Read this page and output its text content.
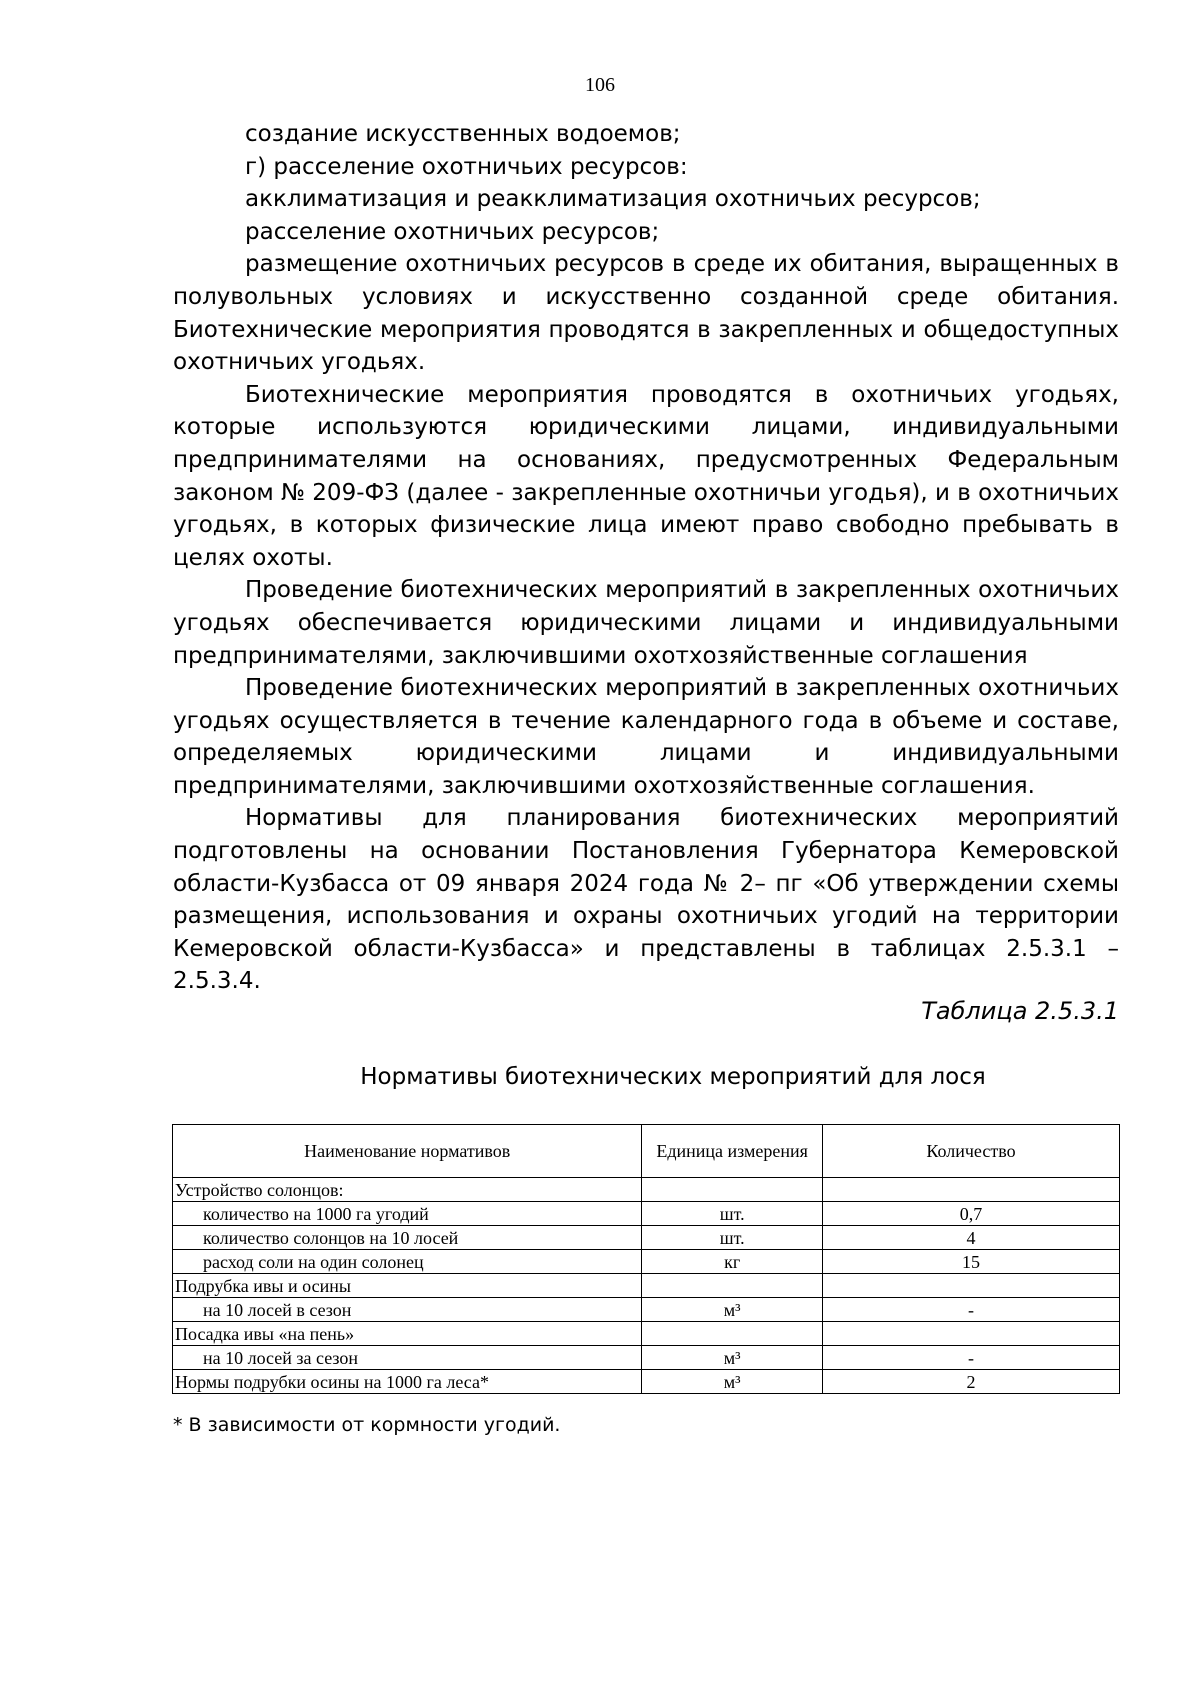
106

создание искусственных водоемов;

г) расселение охотничьих ресурсов:

акклиматизация и реакклиматизация охотничьих ресурсов;

расселение охотничьих ресурсов;

размещение охотничьих ресурсов в среде их обитания, выращенных в полувольных условиях и искусственно созданной среде обитания. Биотехнические мероприятия проводятся в закрепленных и общедоступных охотничьих угодьях.

Биотехнические мероприятия проводятся в охотничьих угодьях, которые используются юридическими лицами, индивидуальными предпринимателями на основаниях, предусмотренных Федеральным законом № 209-ФЗ (далее - закрепленные охотничьи угодья), и в охотничьих угодьях, в которых физические лица имеют право свободно пребывать в целях охоты.

Проведение биотехнических мероприятий в закрепленных охотничьих угодьях обеспечивается юридическими лицами и индивидуальными предпринимателями, заключившими охотхозяйственные соглашения

Проведение биотехнических мероприятий в закрепленных охотничьих угодьях осуществляется в течение календарного года в объеме и составе, определяемых юридическими лицами и индивидуальными предпринимателями, заключившими охотхозяйственные соглашения.

Нормативы для планирования биотехнических мероприятий подготовлены на основании Постановления Губернатора Кемеровской области-Кузбасса от 09 января 2024 года № 2– пг «Об утверждении схемы размещения, использования и охраны охотничьих угодий на территории Кемеровской области-Кузбасса» и представлены в таблицах 2.5.3.1 – 2.5.3.4.

Таблица 2.5.3.1
Нормативы биотехнических мероприятий для лося
Наименование нормативов	Единица измерения	Количество
Устройство солонцов:		
количество на 1000 га угодий	шт.	0,7
количество солонцов на 10 лосей	шт.	4
расход соли на один солонец	кг	15
Подрубка ивы и осины		
на 10 лосей в сезон	м³	-
Посадка ивы «на пень»		
на 10 лосей за сезон	м³	-
Нормы подрубки осины на 1000 га леса*	м³	2
* В зависимости от кормности угодий.
